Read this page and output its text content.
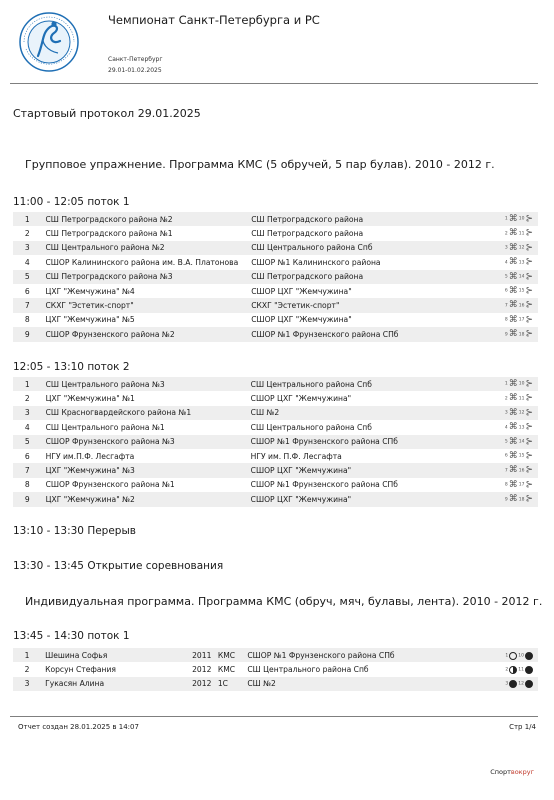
Чемпионат Санкт-Петербурга и РС
Санкт-Петербург
29.01-01.02.2025
Стартовый протокол 29.01.2025
Групповое упражнение. Программа КМС (5 обручей, 5 пар булав). 2010 - 2012 г.
11:00 - 12:05 поток 1
1	СШ Петроградского района №2	СШ Петроградского района	1⌘10⊱
2	СШ Петроградского района №1	СШ Петроградского района	2⌘11⊱
3	СШ Центрального района №2	СШ Центрального района Спб	3⌘12⊱
4	СШОР Калининского района им. В.А. Платонова	СШОР №1 Калининского района	4⌘13⊱
5	СШ Петроградского района №3	СШ Петроградского района	5⌘14⊱
6	ЦХГ "Жемчужина" №4	СШОР ЦХГ "Жемчужина"	6⌘15⊱
7	СКХГ "Эстетик-спорт"	СКХГ "Эстетик-спорт"	7⌘16⊱
8	ЦХГ "Жемчужина" №5	СШОР ЦХГ "Жемчужина"	8⌘17⊱
9	СШОР Фрунзенского района №2	СШОР №1 Фрунзенского района СПб	9⌘18⊱
12:05 - 13:10 поток 2
1	СШ Центрального района №3	СШ Центрального района Спб	1⌘10⊱
2	ЦХГ "Жемчужина" №1	СШОР ЦХГ "Жемчужина"	2⌘11⊱
3	СШ Красногвардейского района №1	СШ №2	3⌘12⊱
4	СШ Центрального района №1	СШ Центрального района Спб	4⌘13⊱
5	СШОР Фрунзенского района №3	СШОР №1 Фрунзенского района СПб	5⌘14⊱
6	НГУ им.П.Ф. Лесгафта	НГУ им. П.Ф. Лесгафта	6⌘15⊱
7	ЦХГ "Жемчужина" №3	СШОР ЦХГ "Жемчужина"	7⌘16⊱
8	СШОР Фрунзенского района №1	СШОР №1 Фрунзенского района СПб	8⌘17⊱
9	ЦХГ "Жемчужина" №2	СШОР ЦХГ "Жемчужина"	9⌘18⊱
13:10 - 13:30 Перерыв
13:30 - 13:45 Открытие соревнования
Индивидуальная программа. Программа КМС (обруч, мяч, булавы, лента). 2010 - 2012 г.
13:45 - 14:30 поток 1
1	Шешина Софья	2011	КМС	СШОР №1 Фрунзенского района СПб	1 10
2	Корсун Стефания	2012	КМС	СШ Центрального района Спб	2 11
3	Гукасян Алина	2012	1С	СШ №2	3 12
Отчет создан 28.01.2025 в 14:07	Стр 1/4
Спортвокруг
